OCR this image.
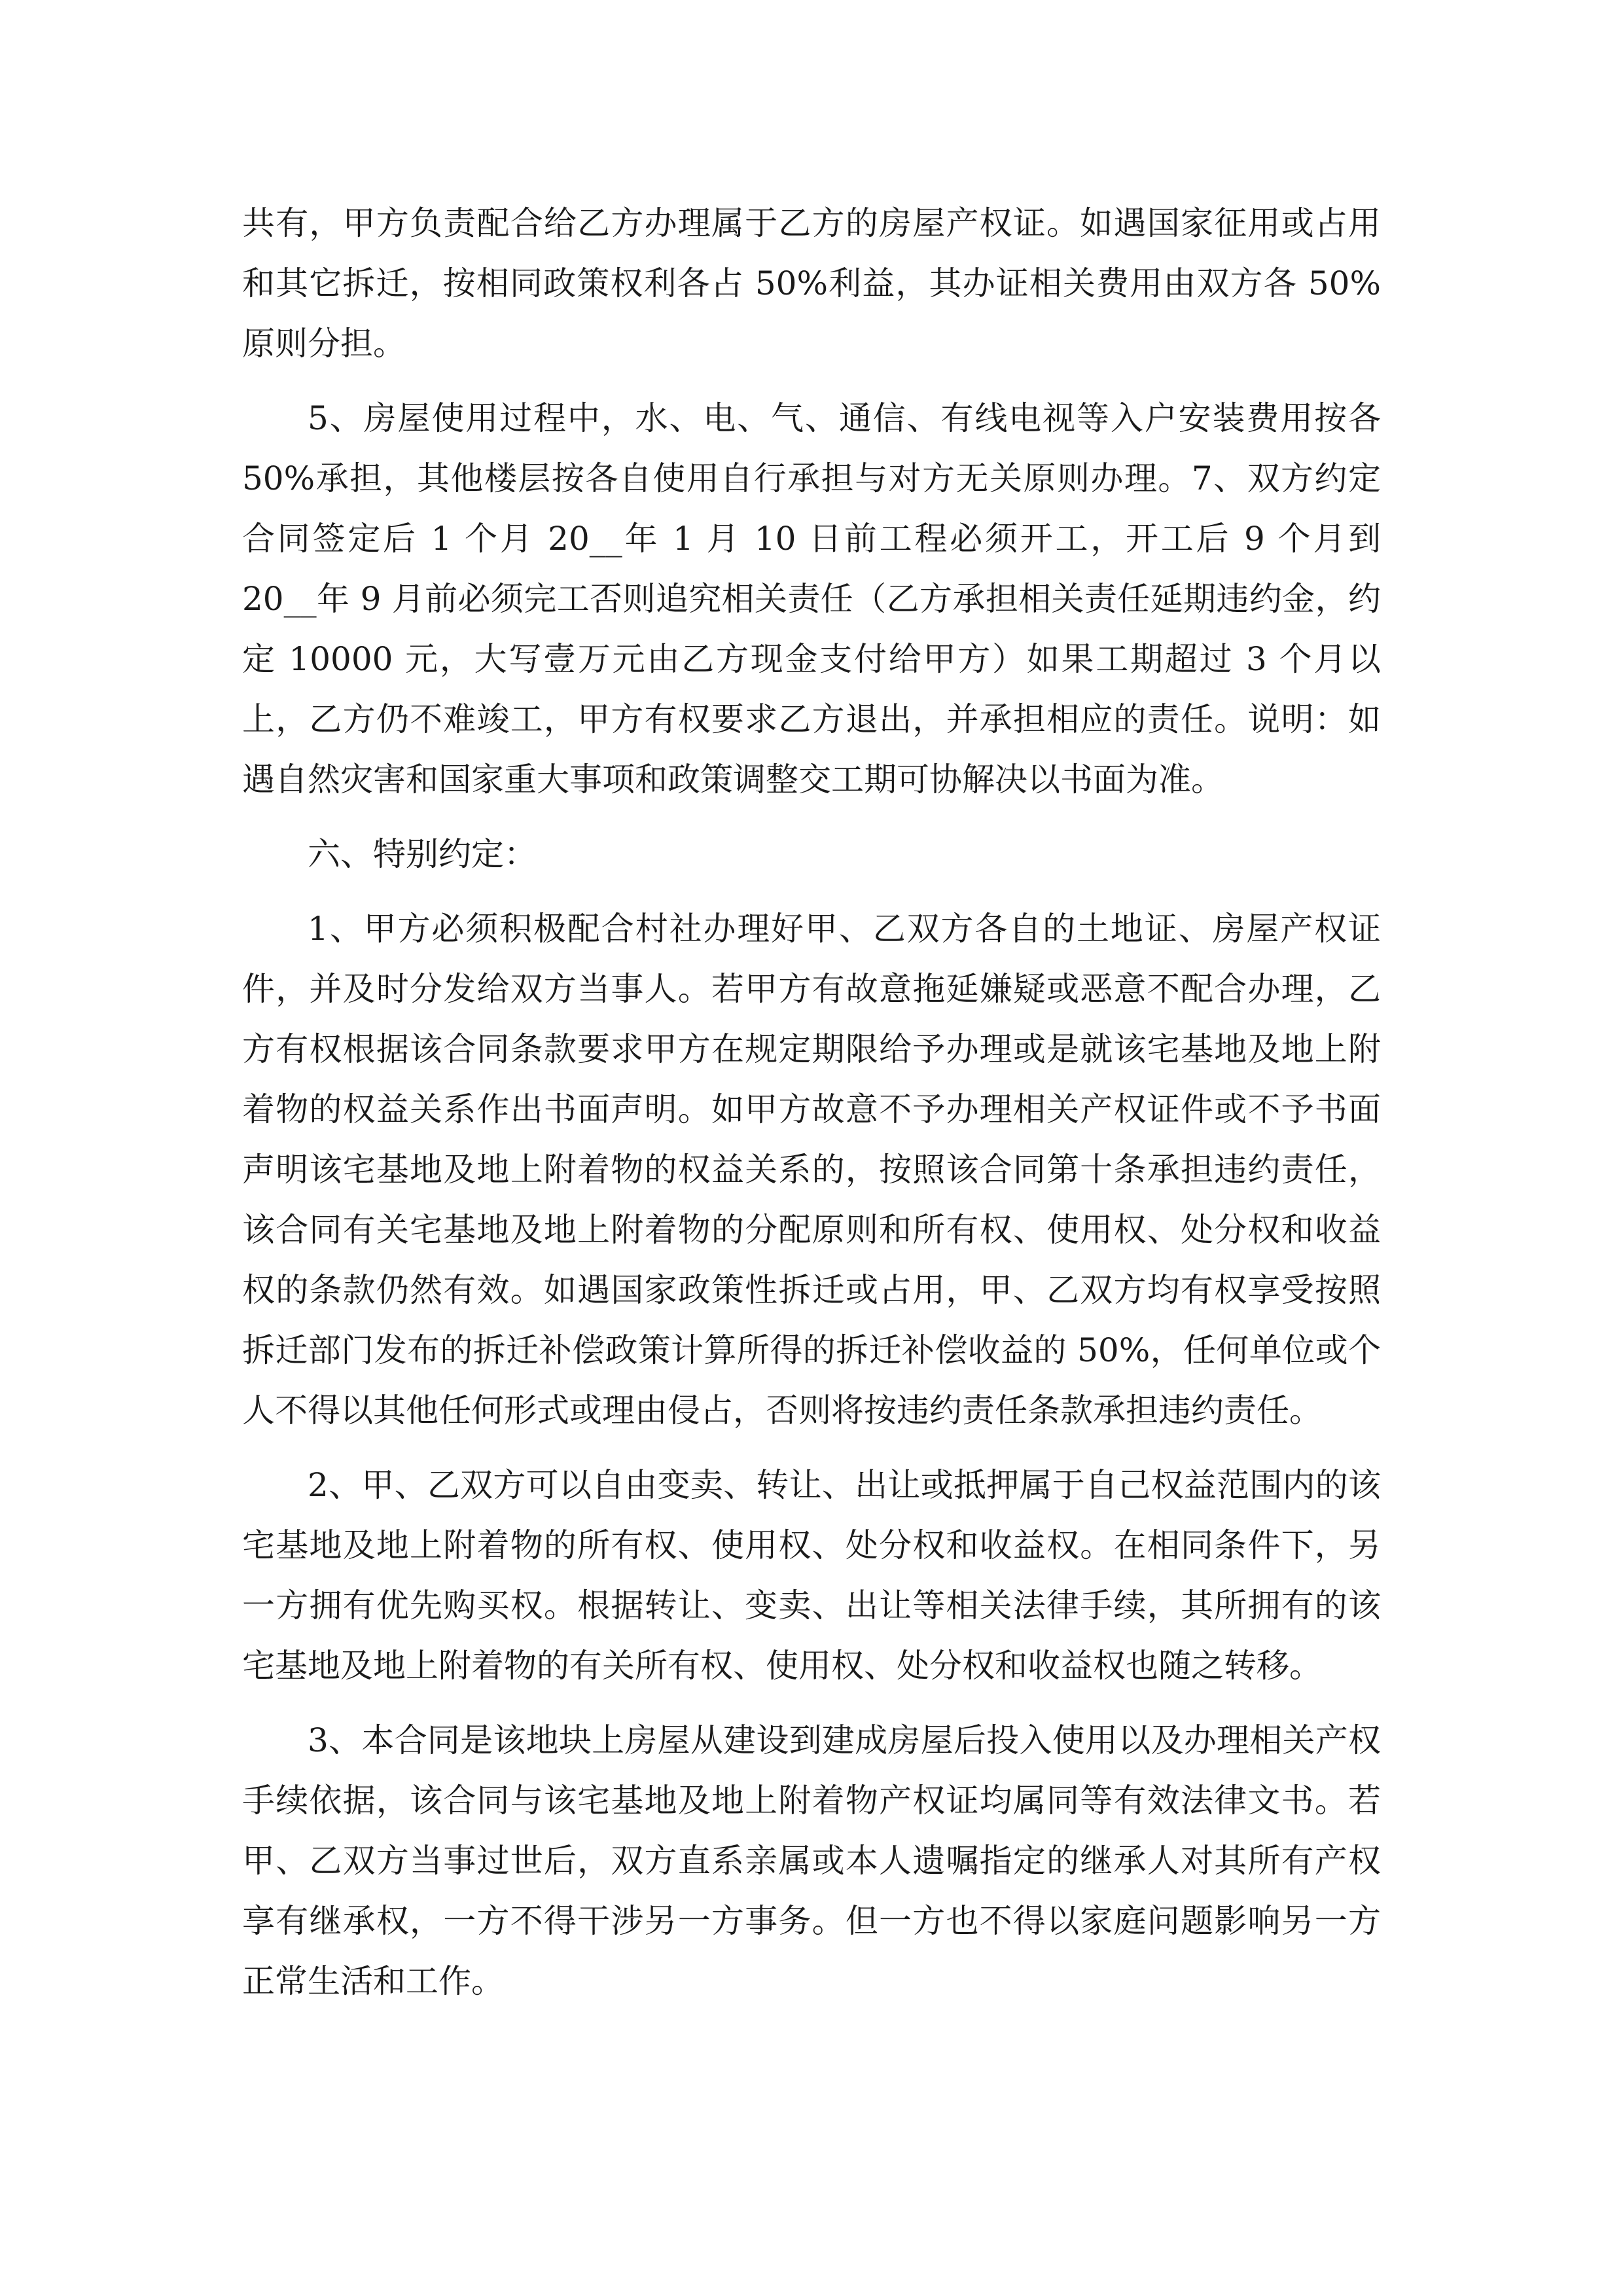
共有，甲方负责配合给乙方办理属于乙方的房屋产权证。如遇国家征用或占用和其它拆迁，按相同政策权利各占 50%利益，其办证相关费用由双方各 50%原则分担。

5、房屋使用过程中，水、电、气、通信、有线电视等入户安装费用按各 50%承担，其他楼层按各自使用自行承担与对方无关原则办理。7、双方约定合同签定后 1 个月 20__年 1 月 10 日前工程必须开工，开工后 9 个月到 20__年 9 月前必须完工否则追究相关责任（乙方承担相关责任延期违约金，约定 10000 元，大写壹万元由乙方现金支付给甲方）如果工期超过 3 个月以上，乙方仍不难竣工，甲方有权要求乙方退出，并承担相应的责任。说明：如遇自然灾害和国家重大事项和政策调整交工期可协解决以书面为准。

六、特别约定：

1、甲方必须积极配合村社办理好甲、乙双方各自的土地证、房屋产权证件，并及时分发给双方当事人。若甲方有故意拖延嫌疑或恶意不配合办理，乙方有权根据该合同条款要求甲方在规定期限给予办理或是就该宅基地及地上附着物的权益关系作出书面声明。如甲方故意不予办理相关产权证件或不予书面声明该宅基地及地上附着物的权益关系的，按照该合同第十条承担违约责任，该合同有关宅基地及地上附着物的分配原则和所有权、使用权、处分权和收益权的条款仍然有效。如遇国家政策性拆迁或占用，甲、乙双方均有权享受按照拆迁部门发布的拆迁补偿政策计算所得的拆迁补偿收益的 50%，任何单位或个人不得以其他任何形式或理由侵占，否则将按违约责任条款承担违约责任。

2、甲、乙双方可以自由变卖、转让、出让或抵押属于自己权益范围内的该宅基地及地上附着物的所有权、使用权、处分权和收益权。在相同条件下，另一方拥有优先购买权。根据转让、变卖、出让等相关法律手续，其所拥有的该宅基地及地上附着物的有关所有权、使用权、处分权和收益权也随之转移。

3、本合同是该地块上房屋从建设到建成房屋后投入使用以及办理相关产权手续依据，该合同与该宅基地及地上附着物产权证均属同等有效法律文书。若甲、乙双方当事过世后，双方直系亲属或本人遗嘱指定的继承人对其所有产权享有继承权，一方不得干涉另一方事务。但一方也不得以家庭问题影响另一方正常生活和工作。
